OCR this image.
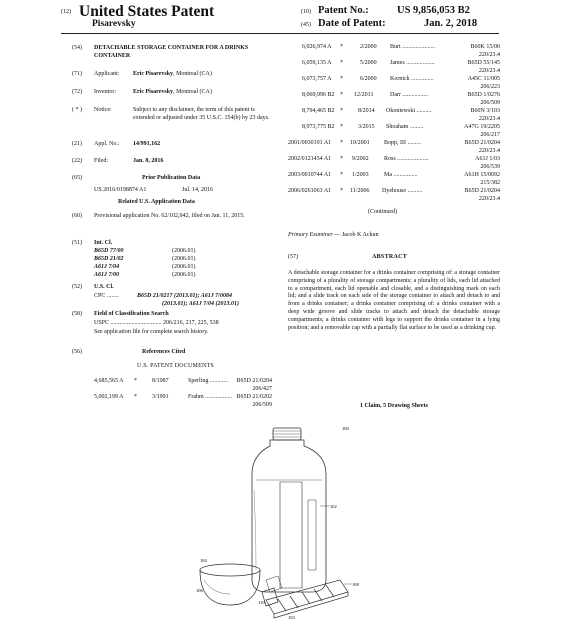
(12) United States Patent
Pisarevsky
(10) Patent No.:	US 9,856,053 B2
(45) Date of Patent:	Jan. 2, 2018
(54) DETACHABLE STORAGE CONTAINER FOR A DRINKS CONTAINER
(71) Applicant: Eric Pisarevsky, Montreal (CA)
(72) Inventor:	Eric Pisarevsky, Montreal (CA)
( * ) Notice:	Subject to any disclaimer, the term of this patent is extended or adjusted under 35 U.S.C. 154(b) by 23 days.
(21) Appl. No.: 14/991,162
(22) Filed:	Jan. 8, 2016
(65)	Prior Publication Data
US 2016/0198874 A1	Jul. 14, 2016
Related U.S. Application Data
(60) Provisional application No. 62/102,042, filed on Jan. 11, 2015.
(51) Int. Cl.
B65D 77/00	(2006.01)
B65D 21/02	(2006.01)
A61J 7/04	(2006.01)
A61J 7/00	(2006.01)
(52) U.S. Cl.
CPC ........	B65D 21/0217 (2013.01); A61J 7/0084
(2013.01); A61J 7/04 (2013.01)
(58) Field of Classification Search
USPC .................................. 206/216, 217, 225, 538
See application file for complete search history.
(56)	References Cited
U.S. PATENT DOCUMENTS
4,685,565 A	*	8/1987	Sperling ............ B65D 21/0204
206/427
5,002,199 A	*	3/1991	Frahm .................. B65D 21/0202
206/509
6,026,974 A	*	2/2000	Burt ......................	B60K 15/00
220/23.4
6,059,135 A	*	5/2000	James ...................	B65D 55/145
220/23.4
6,073,757 A	*	6/2000	Kornick ...............	A45C 11/005
206/223
8,069,996 B2 *	12/2011	Darr .................	B65D 1/0276
206/509
8,794,465 B2 *	8/2014	Okoniewski ..........	B60N 3/103
220/23.4
8,973,775 B2 *	3/2015	Shoaham .........	A47G 19/2205
206/217
2001/0030191 A1	*	10/2001	Bopp, III .........	B65D 21/0204
220/23.4
2002/0121454 A1	*	9/2002	Ross .....................	A61J 1/03
206/539
2003/0010744 A1	*	1/2003	Ma ................	A61H 15/0092
215/382
2006/0261063 A1	*	11/2006	Dyehouse ..........	B65D 21/0204
220/23.4
(Continued)
Primary Examiner — Jacob K Ackun
(57)	ABSTRACT
A detachable storage container for a drinks container comprising of: a storage container comprising of a plurality of storage compartments; a plurality of lids, each lid attached to a compartment, each lid openable and closable, and a distinguishing mark on each lid; and a slide track on each side of the storage container to attach and detach to and from a drinks container; a drinks container comprising of: a drinks container with a deep wide groove and slide tracks to attach and detach the detachable storage compartments; a drinks container with legs to support the drinks container in a lying position; and a removable cap with a partially flat surface to be used as a drinking cup.
1 Claim, 5 Drawing Sheets
100
104
102
106
108
110
103
